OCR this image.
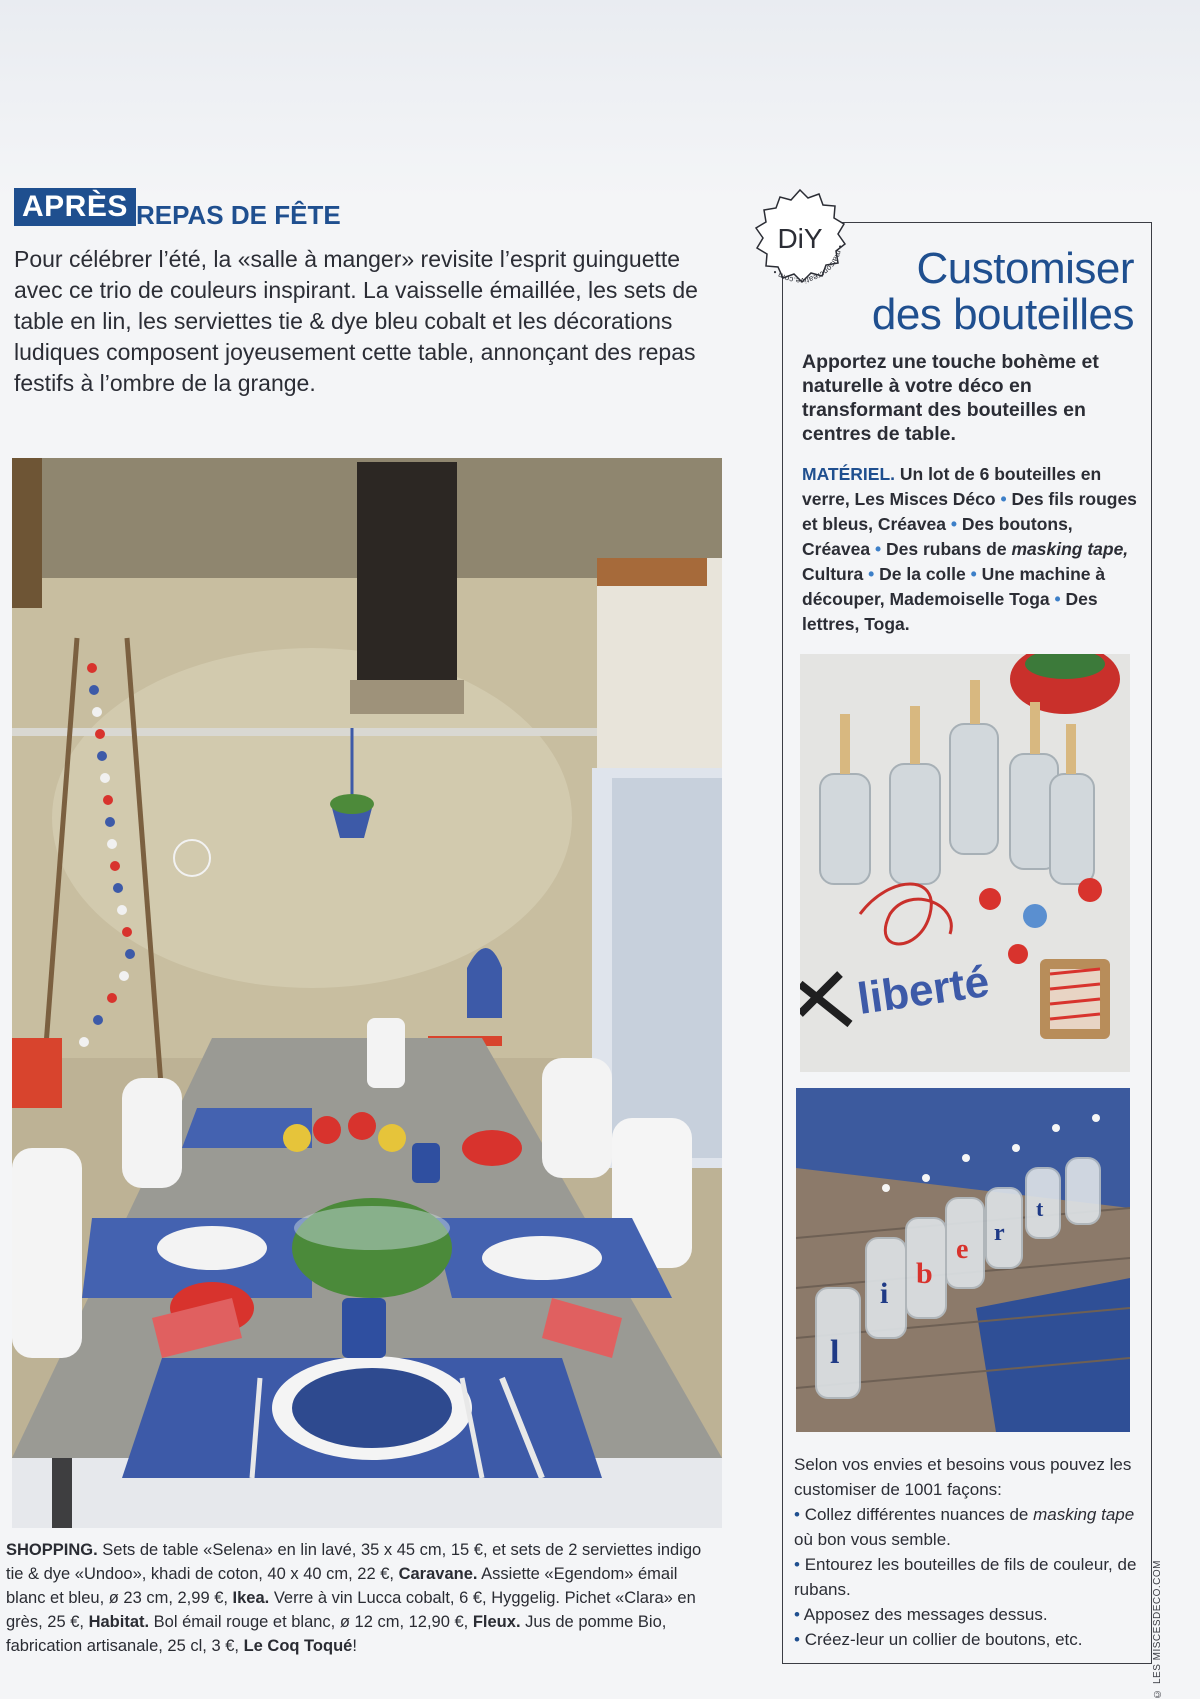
APRÈS REPAS DE FÊTE

Pour célébrer l’été, la «salle à manger» revisite l’esprit guinguette avec ce trio de couleurs inspirant. La vaisselle émaillée, les sets de table en lin, les serviettes tie & dye bleu cobalt et les décorations ludiques composent joyeusement cette table, annonçant des repas festifs à l’ombre de la grange.

SHOPPING. Sets de table «Selena» en lin lavé, 35 x 45 cm, 15 €, et sets de 2 serviettes indigo tie & dye «Undoo», khadi de coton, 40 x 40 cm, 22 €, Caravane. Assiette «Egendom» émail blanc et bleu, ø 23 cm, 2,99 €, Ikea. Verre à vin Lucca cobalt, 6 €, Hyggelig. Pichet «Clara» en grès, 25 €, Habitat. Bol émail rouge et blanc, ø 12 cm, 12,90 €, Fleux. Jus de pomme Bio, fabrication artisanale, 25 cl, 3 €, Le Coq Toqué!

DiY	• maisoncreative.com •	Customiser
des bouteilles

Apportez une touche bohème et naturelle à votre déco en transformant des bouteilles en centres de table.

MATÉRIEL. Un lot de 6 bouteilles en verre, Les Misces Déco • Des fils rouges et bleus, Créavea • Des boutons, Créavea • Des rubans de masking tape, Cultura • De la colle • Une machine à découper, Mademoiselle Toga • Des lettres, Toga.

liberté
l
i
b
e
r
t
Selon vos envies et besoins vous pouvez les customiser de 1001 façons:
• Collez différentes nuances de masking tape où bon vous semble.
• Entourez les bouteilles de fils de couleur, de rubans.
• Apposez des messages dessus.
• Créez-leur un collier de boutons, etc.	© LES MISCESDECO.COM
